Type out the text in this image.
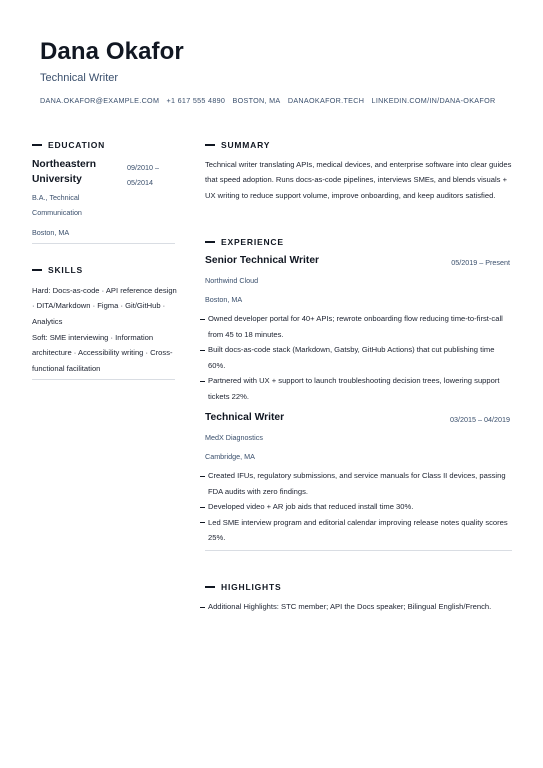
Dana Okafor
Technical Writer
DANA.OKAFOR@EXAMPLE.COM +1 617 555 4890 BOSTON, MA DANAOKAFOR.TECH LINKEDIN.COM/IN/DANA-OKAFOR
EDUCATION
Northeastern University
09/2010 – 05/2014
B.A., Technical Communication
Boston, MA
SKILLS
Hard: Docs-as-code · API reference design · DITA/Markdown · Figma · Git/GitHub · Analytics
Soft: SME interviewing · Information architecture · Accessibility writing · Cross-functional facilitation
SUMMARY
Technical writer translating APIs, medical devices, and enterprise software into clear guides that speed adoption. Runs docs-as-code pipelines, interviews SMEs, and blends visuals + UX writing to reduce support volume, improve onboarding, and keep auditors satisfied.
EXPERIENCE
Senior Technical Writer	05/2019 – Present
Northwind Cloud
Boston, MA
Owned developer portal for 40+ APIs; rewrote onboarding flow reducing time-to-first-call from 45 to 18 minutes.
Built docs-as-code stack (Markdown, Gatsby, GitHub Actions) that cut publishing time 60%.
Partnered with UX + support to launch troubleshooting decision trees, lowering support tickets 22%.
Technical Writer	03/2015 – 04/2019
MedX Diagnostics
Cambridge, MA
Created IFUs, regulatory submissions, and service manuals for Class II devices, passing FDA audits with zero findings.
Developed video + AR job aids that reduced install time 30%.
Led SME interview program and editorial calendar improving release notes quality scores 25%.
HIGHLIGHTS
Additional Highlights: STC member; API the Docs speaker; Bilingual English/French.
